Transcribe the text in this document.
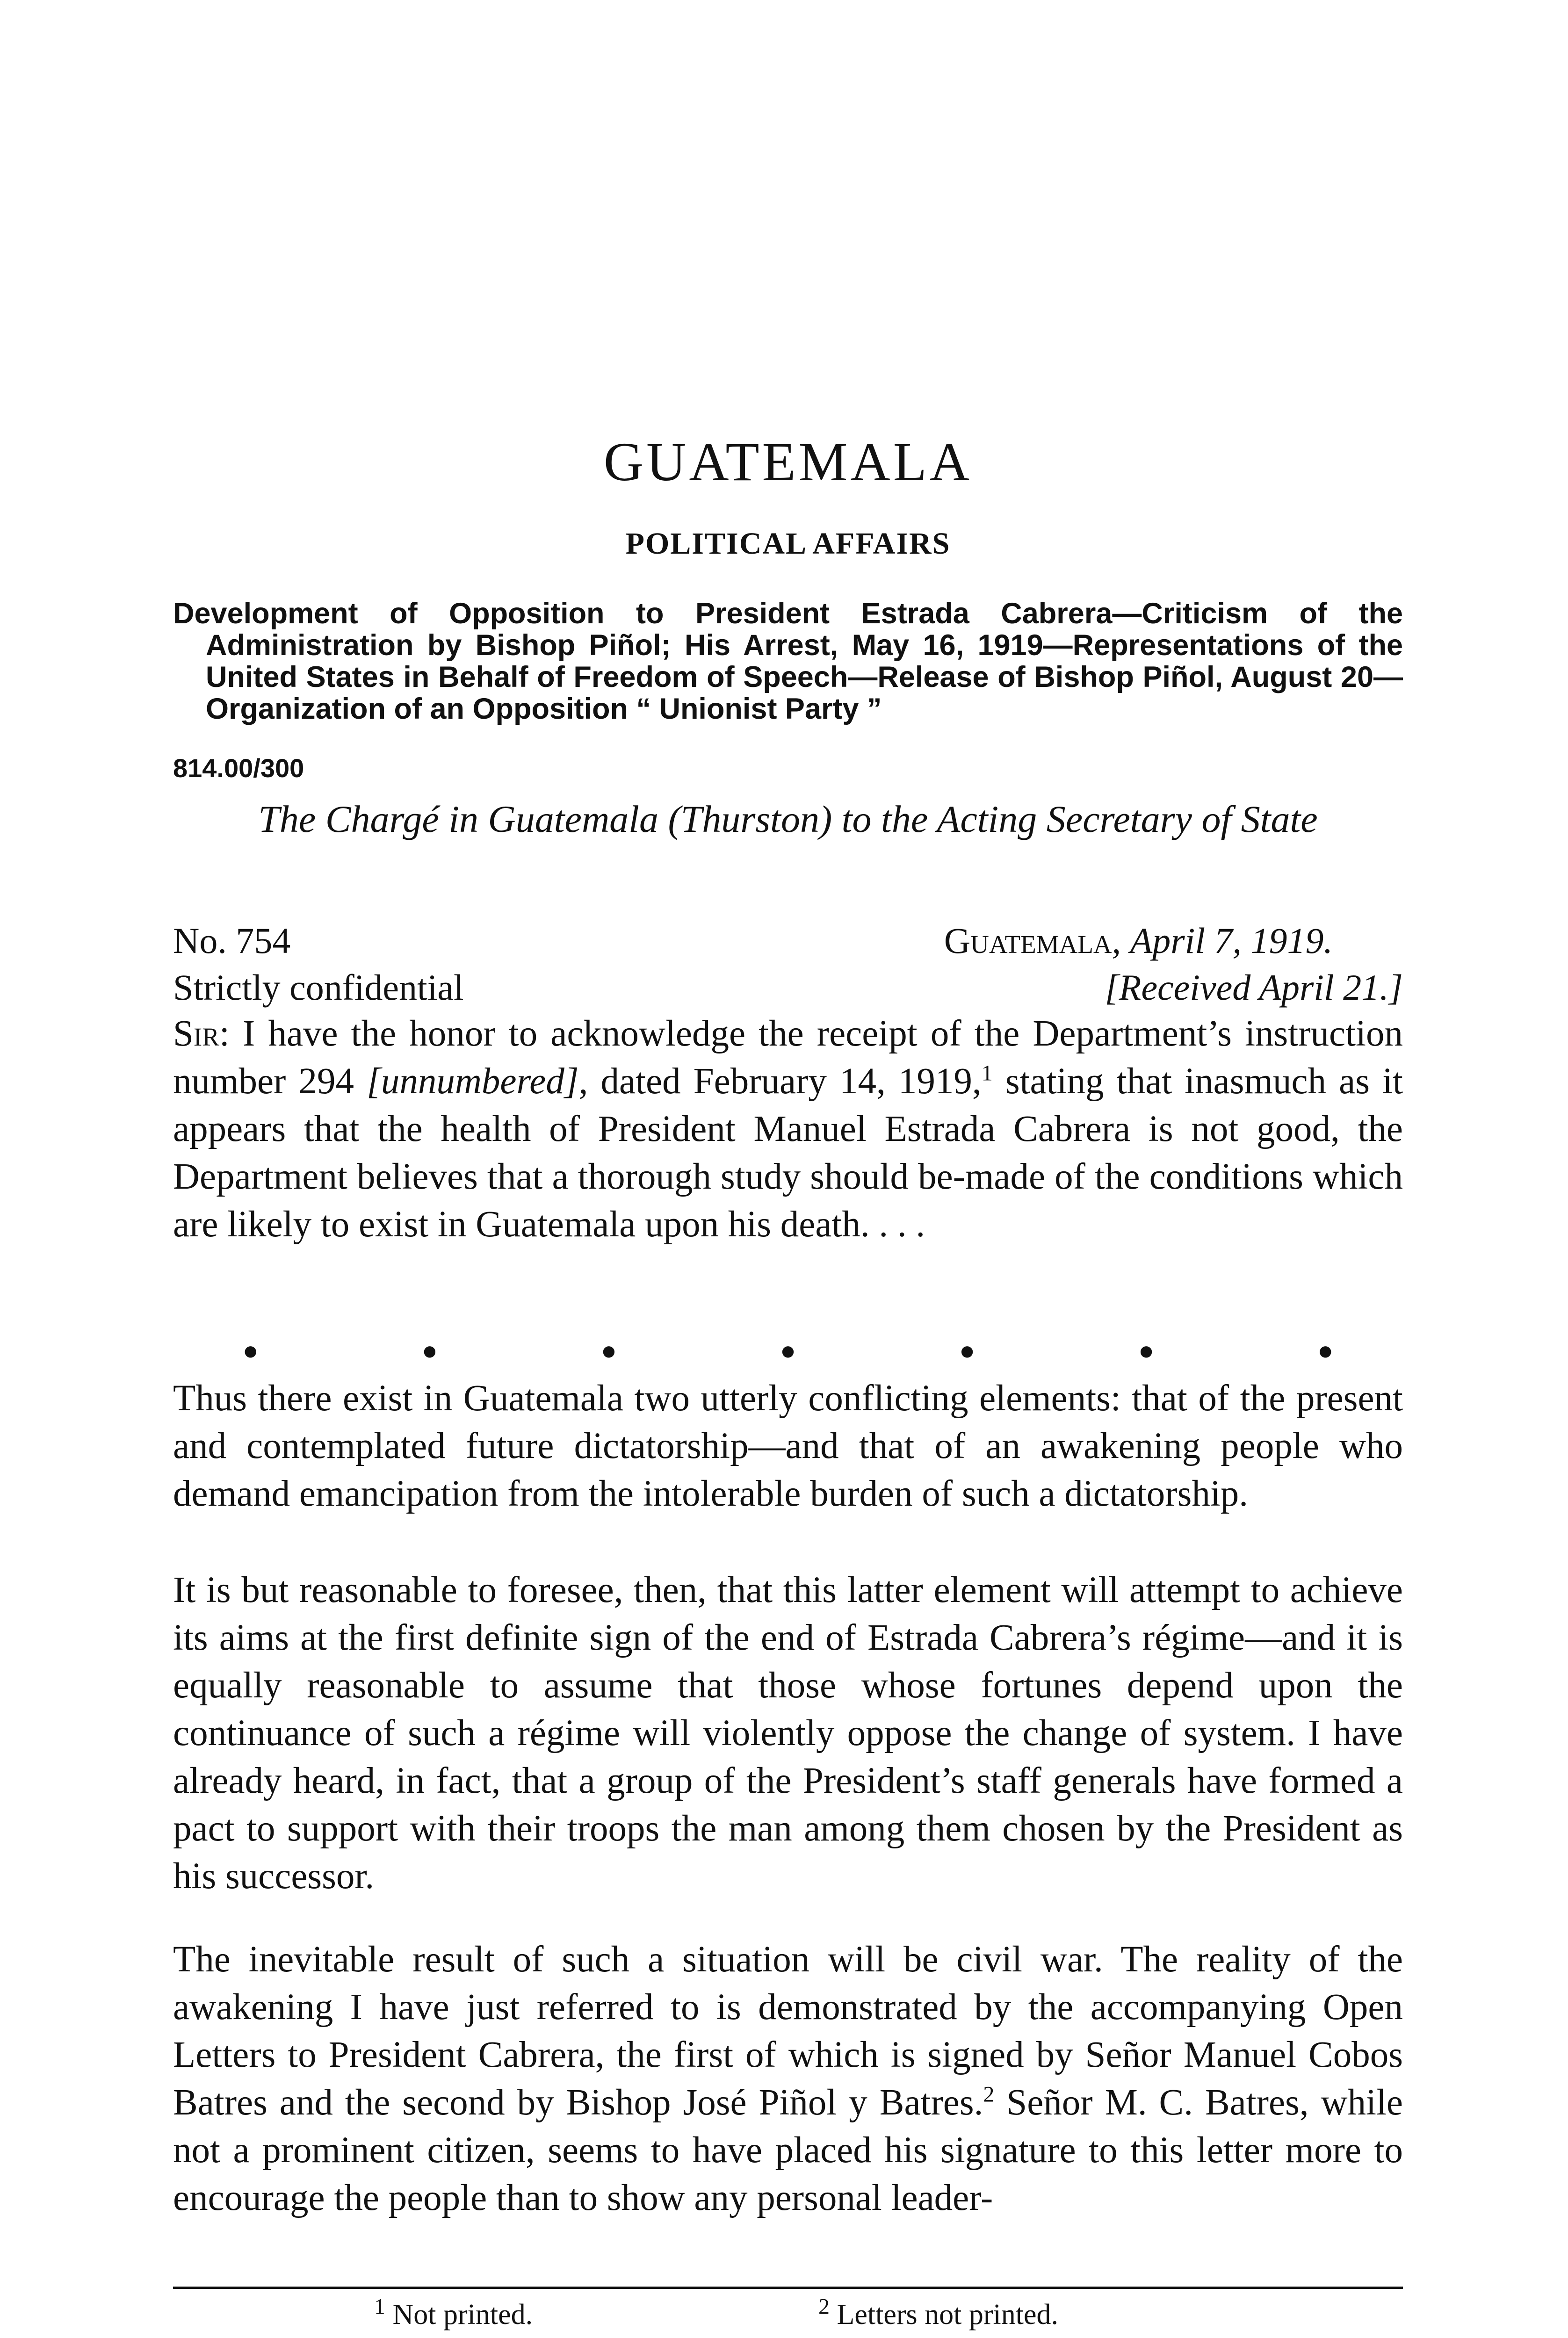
GUATEMALA
POLITICAL AFFAIRS
Development of Opposition to President Estrada Cabrera—Criticism of the Administration by Bishop Piñol; His Arrest, May 16, 1919—Representations of the United States in Behalf of Freedom of Speech—Release of Bishop Piñol, August 20—Organization of an Opposition “ Unionist Party ”
814.00/300
The Chargé in Guatemala (Thurston) to the Acting Secretary of State
No. 754	Guatemala, April 7, 1919.
Strictly confidential	[Received April 21.]

Sir: I have the honor to acknowledge the receipt of the Department’s instruction number 294 [unnumbered], dated February 14, 1919,$^1$ stating that inasmuch as it appears that the health of President Manuel Estrada Cabrera is not good, the Department believes that a thorough study should be-made of the conditions which are likely to exist in Guatemala upon his death. . . .

•	•	•	•	•	•	•

Thus there exist in Guatemala two utterly conflicting elements: that of the present and contemplated future dictatorship—and that of an awakening people who demand emancipation from the intolerable burden of such a dictatorship.

It is but reasonable to foresee, then, that this latter element will attempt to achieve its aims at the first definite sign of the end of Estrada Cabrera’s régime—and it is equally reasonable to assume that those whose fortunes depend upon the continuance of such a régime will violently oppose the change of system. I have already heard, in fact, that a group of the President’s staff generals have formed a pact to support with their troops the man among them chosen by the President as his successor.

The inevitable result of such a situation will be civil war. The reality of the awakening I have just referred to is demonstrated by the accompanying Open Letters to President Cabrera, the first of which is signed by Señor Manuel Cobos Batres and the second by Bishop José Piñol y Batres.$^2$ Señor M. C. Batres, while not a prominent citizen, seems to have placed his signature to this letter more to encourage the people than to show any personal leader-

$^1$ Not printed.	$^2$ Letters not printed.
